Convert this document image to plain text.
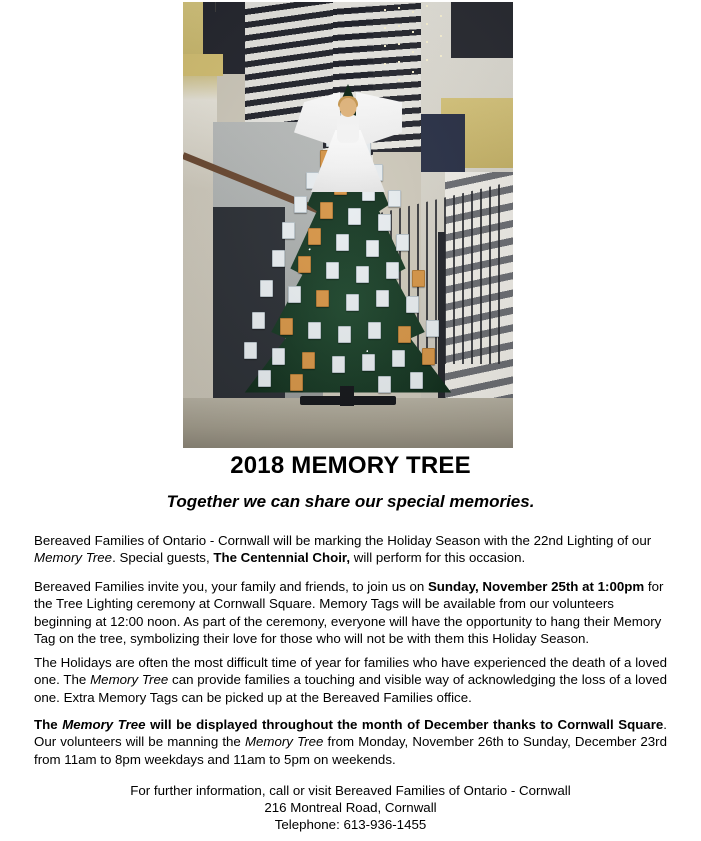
2018 MEMORY TREE
Together we can share our special memories.

Bereaved Families of Ontario - Cornwall will be marking the Holiday Season with the 22nd Lighting of our Memory Tree. Special guests, The Centennial Choir, will perform for this occasion.

Bereaved Families invite you, your family and friends, to join us on Sunday, November 25th at 1:00pm for the Tree Lighting ceremony at Cornwall Square. Memory Tags will be available from our volunteers beginning at 12:00 noon. As part of the ceremony, everyone will have the opportunity to hang their Memory Tag on the tree, symbolizing their love for those who will not be with them this Holiday Season.

The Holidays are often the most difficult time of year for families who have experienced the death of a loved one. The Memory Tree can provide families a touching and visible way of acknowledging the loss of a loved one. Extra Memory Tags can be picked up at the Bereaved Families office.

The Memory Tree will be displayed throughout the month of December thanks to Cornwall Square. Our volunteers will be manning the Memory Tree from Monday, November 26th to Sunday, December 23rd from 11am to 8pm weekdays and 11am to 5pm on weekends.

For further information, call or visit Bereaved Families of Ontario - Cornwall
216 Montreal Road, Cornwall
Telephone: 613-936-1455
